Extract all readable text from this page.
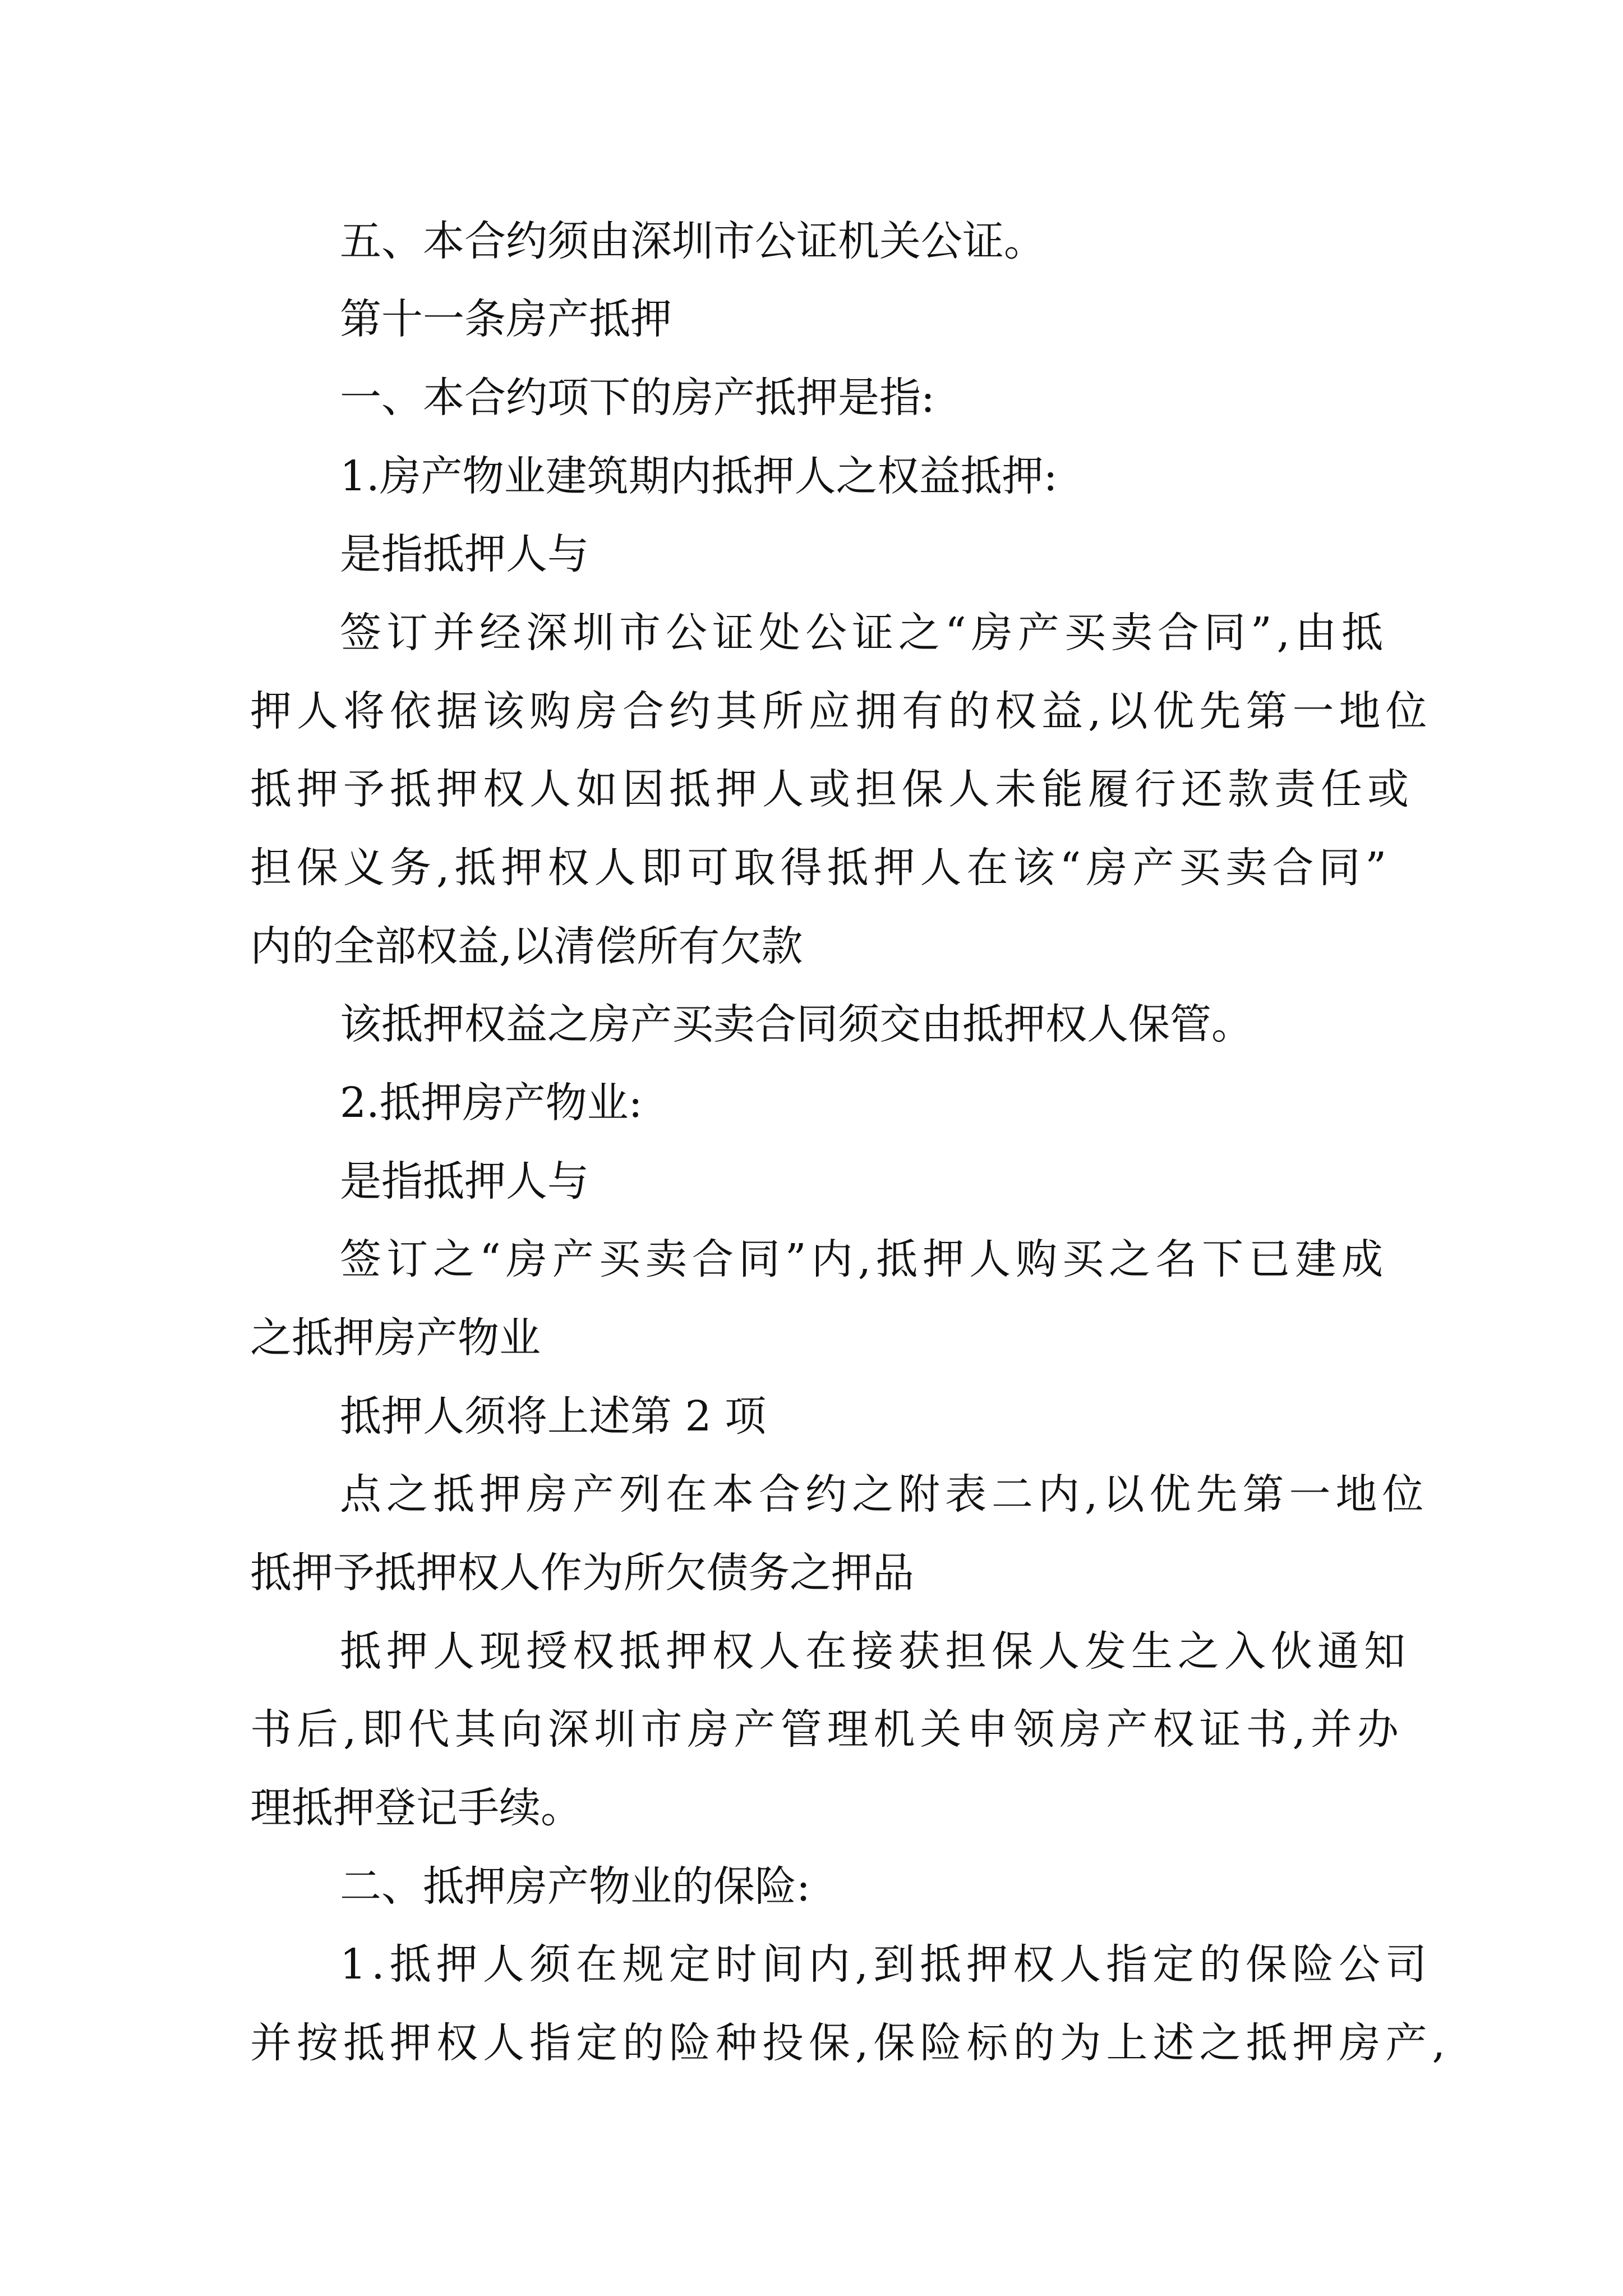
五、本合约须由深圳市公证机关公证。
第十一条房产抵押
一、本合约项下的房产抵押是指:
1.房产物业建筑期内抵押人之权益抵押:
是指抵押人与
签订并经深圳市公证处公证之“房产买卖合同”,由抵
押人将依据该购房合约其所应拥有的权益,以优先第一地位
抵押予抵押权人如因抵押人或担保人未能履行还款责任或
担保义务,抵押权人即可取得抵押人在该“房产买卖合同”
内的全部权益,以清偿所有欠款
该抵押权益之房产买卖合同须交由抵押权人保管。
2.抵押房产物业:
是指抵押人与
签订之“房产买卖合同”内,抵押人购买之名下已建成
之抵押房产物业
抵押人须将上述第 2 项
点之抵押房产列在本合约之附表二内,以优先第一地位
抵押予抵押权人作为所欠债务之押品
抵押人现授权抵押权人在接获担保人发生之入伙通知
书后,即代其向深圳市房产管理机关申领房产权证书,并办
理抵押登记手续。
二、抵押房产物业的保险:
1.抵押人须在规定时间内,到抵押权人指定的保险公司
并按抵押权人指定的险种投保,保险标的为上述之抵押房产,
